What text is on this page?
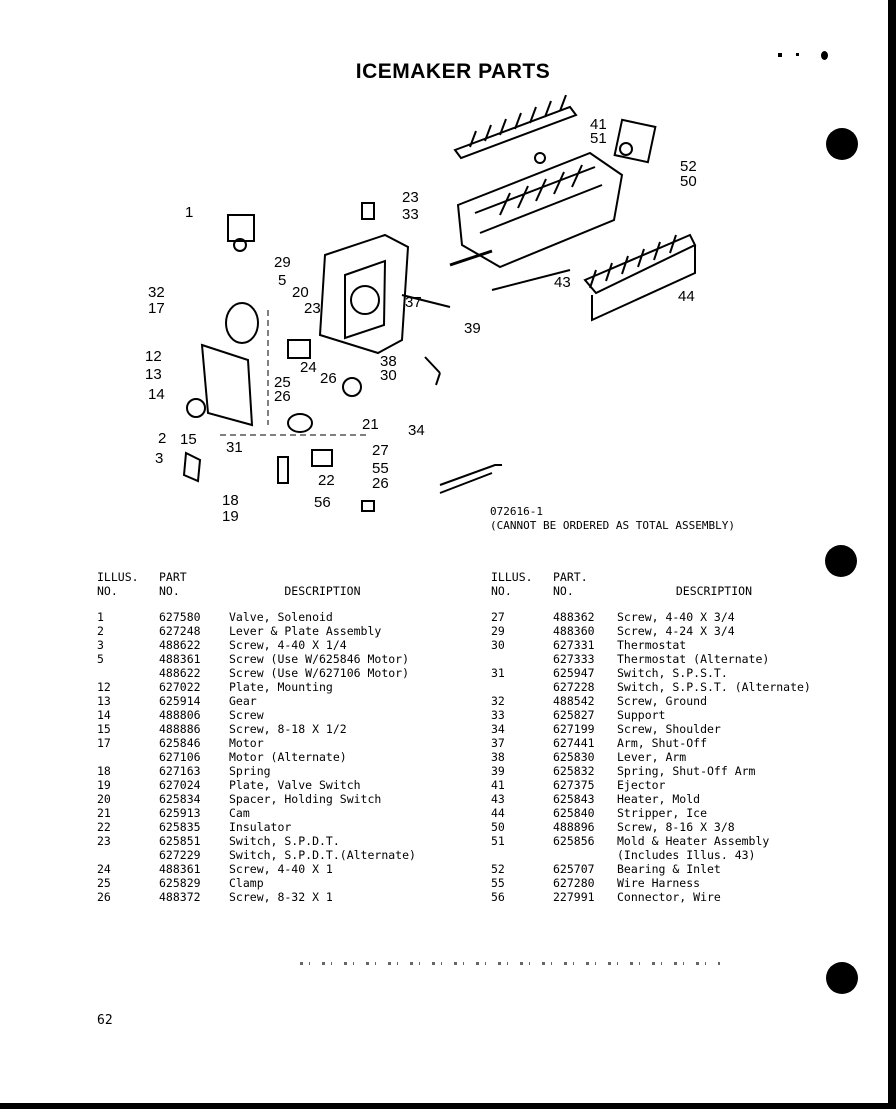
ICEMAKER PARTS
1
2
3
5
12
13
14
15
17
18
19
20
21
22
23
23
24
25
26
26
26
27
29
30
31
32
33
34
37
38
39
41
43
44
50
51
52
55
56
072616-1
(CANNOT BE ORDERED AS TOTAL ASSEMBLY)
ILLUS.
NO.	PART
NO.	DESCRIPTION
1	627580	Valve, Solenoid
2	627248	Lever & Plate Assembly
3	488622	Screw, 4-40 X 1/4
5	488361	Screw (Use W/625846 Motor)
	488622	Screw (Use W/627106 Motor)
12	627022	Plate, Mounting
13	625914	Gear
14	488806	Screw
15	488886	Screw, 8-18 X 1/2
17	625846	Motor
	627106	Motor (Alternate)
18	627163	Spring
19	627024	Plate, Valve Switch
20	625834	Spacer, Holding Switch
21	625913	Cam
22	625835	Insulator
23	625851	Switch, S.P.D.T.
	627229	Switch, S.P.D.T.(Alternate)
24	488361	Screw, 4-40 X 1
25	625829	Clamp
26	488372	Screw, 8-32 X 1
ILLUS.
NO.	PART.
NO.	DESCRIPTION
27	488362	Screw, 4-40 X 3/4
29	488360	Screw, 4-24 X 3/4
30	627331	Thermostat
	627333	Thermostat (Alternate)
31	625947	Switch, S.P.S.T.
	627228	Switch, S.P.S.T. (Alternate)
32	488542	Screw, Ground
33	625827	Support
34	627199	Screw, Shoulder
37	627441	Arm, Shut-Off
38	625830	Lever, Arm
39	625832	Spring, Shut-Off Arm
41	627375	Ejector
43	625843	Heater, Mold
44	625840	Stripper, Ice
50	488896	Screw, 8-16 X 3/8
51	625856	Mold & Heater Assembly
		(Includes Illus. 43)
52	625707	Bearing & Inlet
55	627280	Wire Harness
56	227991	Connector, Wire
62
